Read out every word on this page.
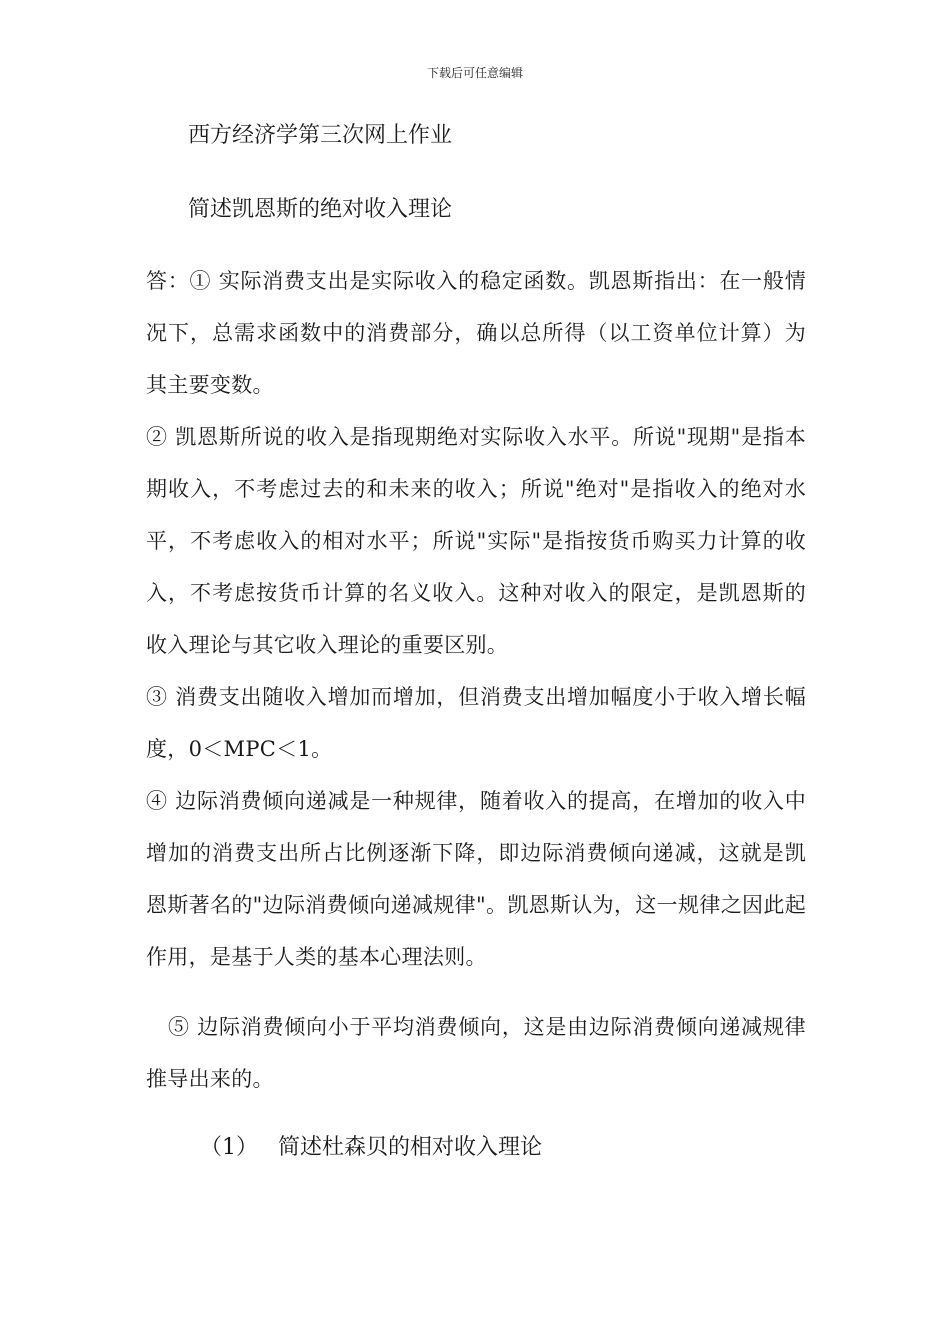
下载后可任意编辑
西方经济学第三次网上作业
简述凯恩斯的绝对收入理论
答：① 实际消费支出是实际收入的稳定函数。凯恩斯指出：在一般情况下，总需求函数中的消费部分，确以总所得（以工资单位计算）为其主要变数。
② 凯恩斯所说的收入是指现期绝对实际收入水平。所说"现期"是指本期收入，不考虑过去的和未来的收入；所说"绝对"是指收入的绝对水平，不考虑收入的相对水平；所说"实际"是指按货币购买力计算的收入，不考虑按货币计算的名义收入。这种对收入的限定，是凯恩斯的收入理论与其它收入理论的重要区别。
③ 消费支出随收入增加而增加，但消费支出增加幅度小于收入增长幅度，0＜MPC＜1。
④ 边际消费倾向递减是一种规律，随着收入的提高，在增加的收入中增加的消费支出所占比例逐渐下降，即边际消费倾向递减，这就是凯恩斯著名的"边际消费倾向递减规律"。凯恩斯认为，这一规律之因此起作用，是基于人类的基本心理法则。
⑤ 边际消费倾向小于平均消费倾向，这是由边际消费倾向递减规律推导出来的。
（1） 简述杜森贝的相对收入理论
